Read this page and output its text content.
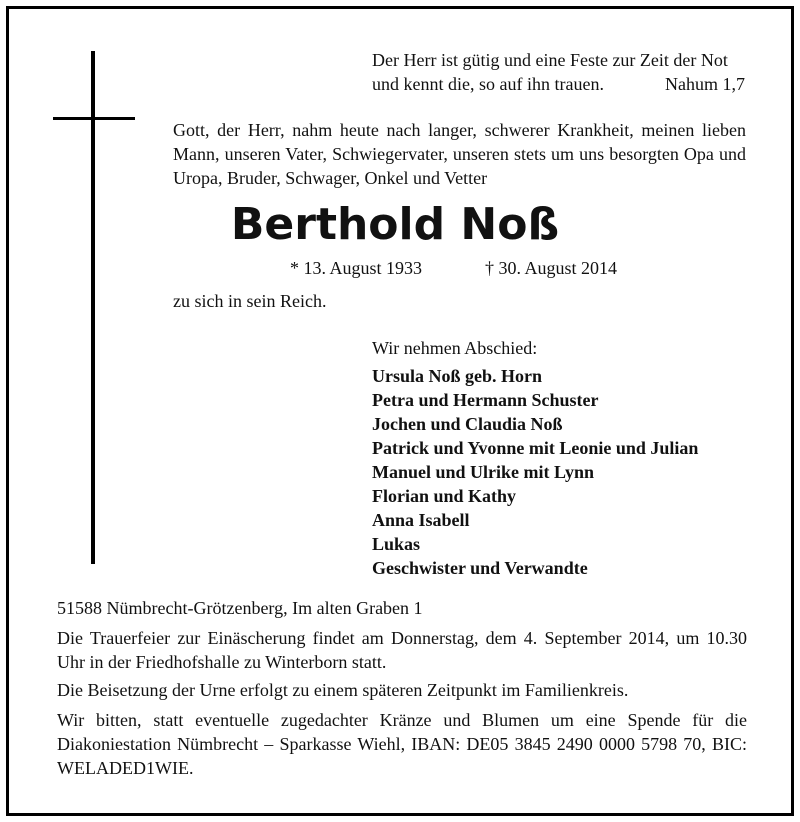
Der Herr ist gütig und eine Feste zur Zeit der Not
und kennt die, so auf ihn trauen.	Nahum 1,7
Gott, der Herr, nahm heute nach langer, schwerer Krankheit, meinen lieben Mann, unseren Vater, Schwiegervater, unseren stets um uns besorgten Opa und Uropa, Bruder, Schwager, Onkel und Vetter
Berthold Noß
* 13. August 1933	† 30. August 2014
zu sich in sein Reich.
Wir nehmen Abschied:
Ursula Noß geb. Horn
Petra und Hermann Schuster
Jochen und Claudia Noß
Patrick und Yvonne mit Leonie und Julian
Manuel und Ulrike mit Lynn
Florian und Kathy
Anna Isabell
Lukas
Geschwister und Verwandte
51588 Nümbrecht-Grötzenberg, Im alten Graben 1
Die Trauerfeier zur Einäscherung findet am Donnerstag, dem 4. September 2014, um 10.30 Uhr in der Friedhofshalle zu Winterborn statt.
Die Beisetzung der Urne erfolgt zu einem späteren Zeitpunkt im Familienkreis.
Wir bitten, statt eventuelle zugedachter Kränze und Blumen um eine Spende für die Diakoniestation Nümbrecht – Sparkasse Wiehl, IBAN: DE05 3845 2490 0000 5798 70, BIC: WELADED1WIE.
